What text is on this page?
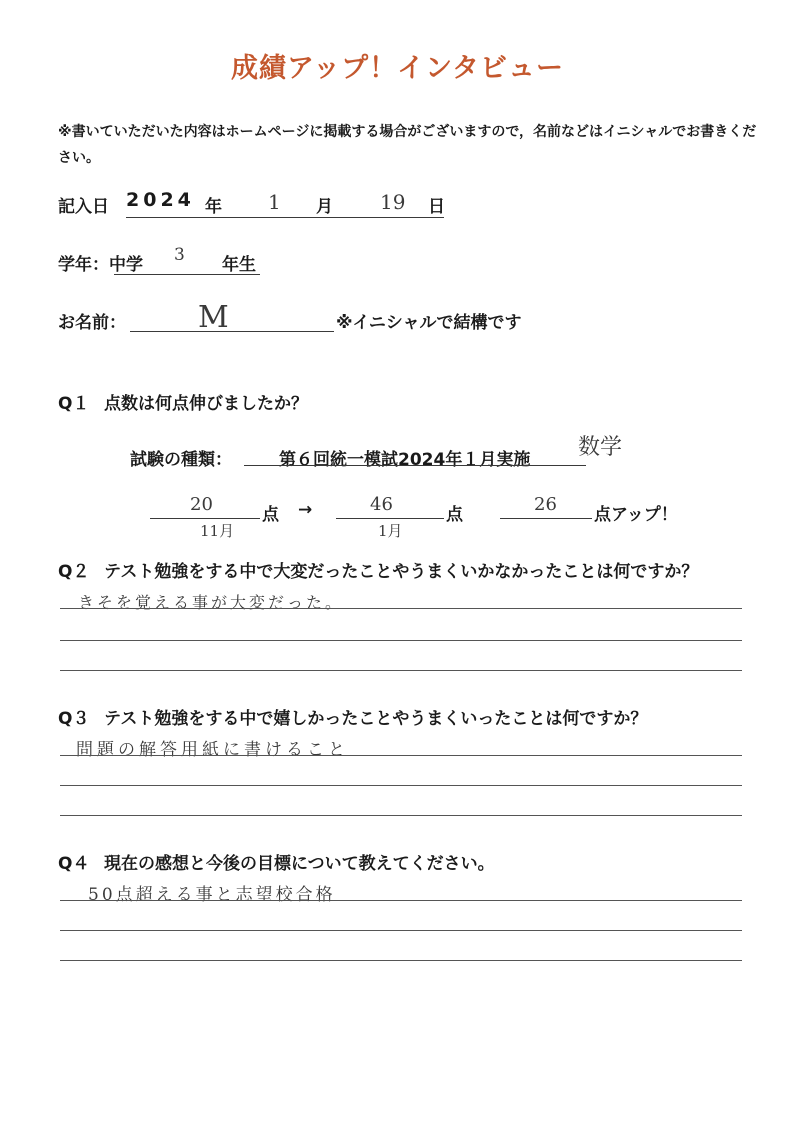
成績アップ！インタビュー
※書いていただいた内容はホームページに掲載する場合がございますので，名前などはイニシャルでお書きください。
記入日 2024 年 1 月 19 日
学年：中学 3 年生
お名前： M	※イニシャルで結構です
Q１ 点数は何点伸びましたか？
試験の種類：	第６回統一模試2024年１月実施 数学
20
11月
点 →	46
1月
点	26 点アップ！
Q２ テスト勉強をする中で大変だったことやうまくいかなかったことは何ですか？
きそを覚える事が大変だった。
Q３ テスト勉強をする中で嬉しかったことやうまくいったことは何ですか？
問題の解答用紙に書けること
Q４ 現在の感想と今後の目標について教えてください。
50点超える事と志望校合格
